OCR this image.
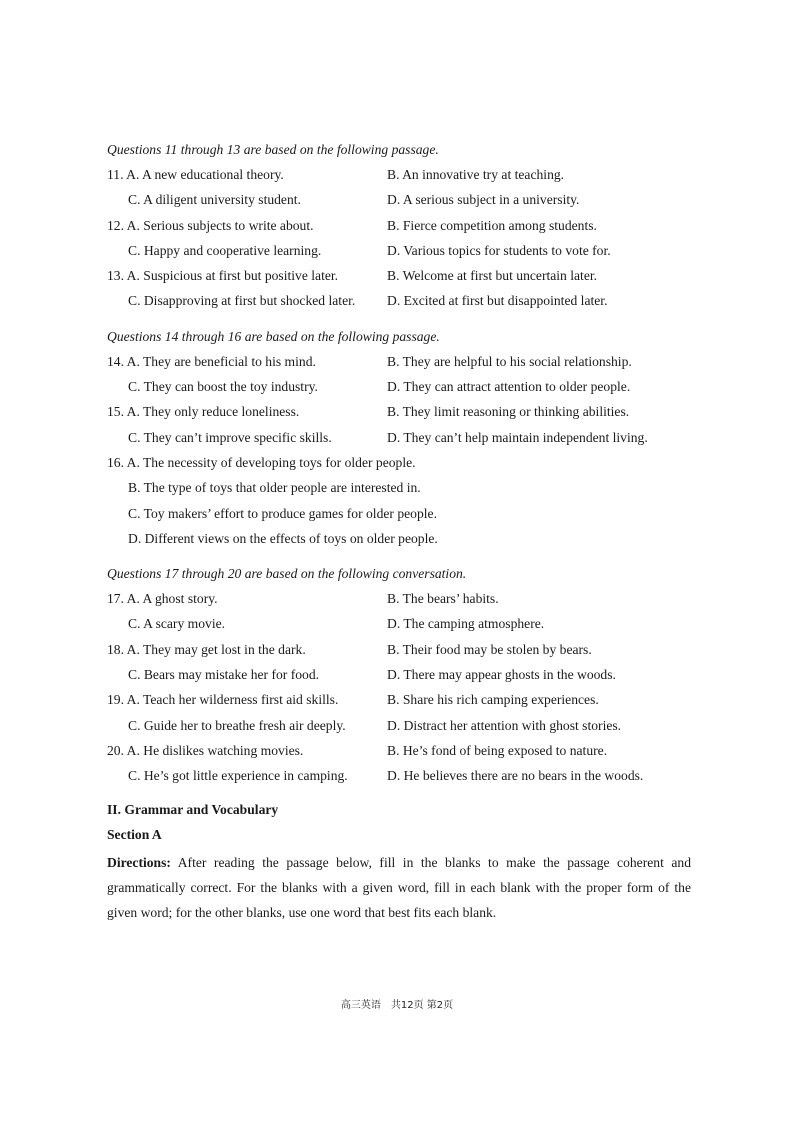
Questions 11 through 13 are based on the following passage.
11. A. A new educational theory.	B. An innovative try at teaching.
C. A diligent university student.	D. A serious subject in a university.
12. A. Serious subjects to write about.	B. Fierce competition among students.
C. Happy and cooperative learning.	D. Various topics for students to vote for.
13. A. Suspicious at first but positive later.	B. Welcome at first but uncertain later.
C. Disapproving at first but shocked later. D. Excited at first but disappointed later.
Questions 14 through 16 are based on the following passage.
14. A. They are beneficial to his mind.	B. They are helpful to his social relationship.
C. They can boost the toy industry.	D. They can attract attention to older people.
15. A. They only reduce loneliness.	B. They limit reasoning or thinking abilities.
C. They can’t improve specific skills.	D. They can’t help maintain independent living.
16. A. The necessity of developing toys for older people.
B. The type of toys that older people are interested in.
C. Toy makers’ effort to produce games for older people.
D. Different views on the effects of toys on older people.
Questions 17 through 20 are based on the following conversation.
17. A. A ghost story.	B. The bears’ habits.
C. A scary movie.	D. The camping atmosphere.
18. A. They may get lost in the dark.	B. Their food may be stolen by bears.
C. Bears may mistake her for food.	D. There may appear ghosts in the woods.
19. A. Teach her wilderness first aid skills.	B. Share his rich camping experiences.
C. Guide her to breathe fresh air deeply.	D. Distract her attention with ghost stories.
20. A. He dislikes watching movies.	B. He’s fond of being exposed to nature.
C. He’s got little experience in camping.	D. He believes there are no bears in the woods.
II. Grammar and Vocabulary
Section A
Directions: After reading the passage below, fill in the blanks to make the passage coherent and grammatically correct. For the blanks with a given word, fill in each blank with the proper form of the given word; for the other blanks, use one word that best fits each blank.
高三英语　共12页 第2页
